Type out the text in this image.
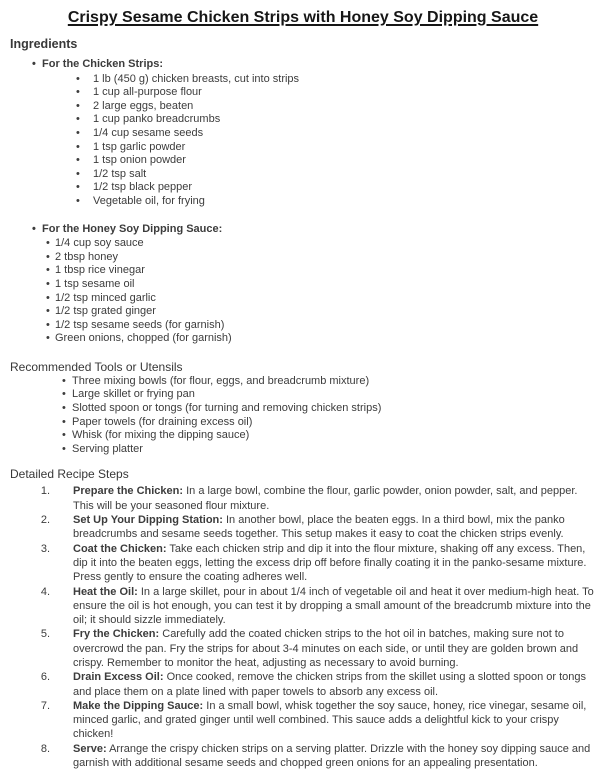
Crispy Sesame Chicken Strips with Honey Soy Dipping Sauce
Ingredients
• For the Chicken Strips:
• 1 lb (450 g) chicken breasts, cut into strips
• 1 cup all-purpose flour
• 2 large eggs, beaten
• 1 cup panko breadcrumbs
• 1/4 cup sesame seeds
• 1 tsp garlic powder
• 1 tsp onion powder
• 1/2 tsp salt
• 1/2 tsp black pepper
• Vegetable oil, for frying
• For the Honey Soy Dipping Sauce:
• 1/4 cup soy sauce
• 2 tbsp honey
• 1 tbsp rice vinegar
• 1 tsp sesame oil
• 1/2 tsp minced garlic
• 1/2 tsp grated ginger
• 1/2 tsp sesame seeds (for garnish)
• Green onions, chopped (for garnish)
Recommended Tools or Utensils
• Three mixing bowls (for flour, eggs, and breadcrumb mixture)
• Large skillet or frying pan
• Slotted spoon or tongs (for turning and removing chicken strips)
• Paper towels (for draining excess oil)
• Whisk (for mixing the dipping sauce)
• Serving platter
Detailed Recipe Steps
Prepare the Chicken: In a large bowl, combine the flour, garlic powder, onion powder, salt, and pepper. This will be your seasoned flour mixture.
Set Up Your Dipping Station: In another bowl, place the beaten eggs. In a third bowl, mix the panko breadcrumbs and sesame seeds together. This setup makes it easy to coat the chicken strips evenly.
Coat the Chicken: Take each chicken strip and dip it into the flour mixture, shaking off any excess. Then, dip it into the beaten eggs, letting the excess drip off before finally coating it in the panko-sesame mixture. Press gently to ensure the coating adheres well.
Heat the Oil: In a large skillet, pour in about 1/4 inch of vegetable oil and heat it over medium-high heat. To ensure the oil is hot enough, you can test it by dropping a small amount of the breadcrumb mixture into the oil; it should sizzle immediately.
Fry the Chicken: Carefully add the coated chicken strips to the hot oil in batches, making sure not to overcrowd the pan. Fry the strips for about 3-4 minutes on each side, or until they are golden brown and crispy. Remember to monitor the heat, adjusting as necessary to avoid burning.
Drain Excess Oil: Once cooked, remove the chicken strips from the skillet using a slotted spoon or tongs and place them on a plate lined with paper towels to absorb any excess oil.
Make the Dipping Sauce: In a small bowl, whisk together the soy sauce, honey, rice vinegar, sesame oil, minced garlic, and grated ginger until well combined. This sauce adds a delightful kick to your crispy chicken!
Serve: Arrange the crispy chicken strips on a serving platter. Drizzle with the honey soy dipping sauce and garnish with additional sesame seeds and chopped green onions for an appealing presentation.
